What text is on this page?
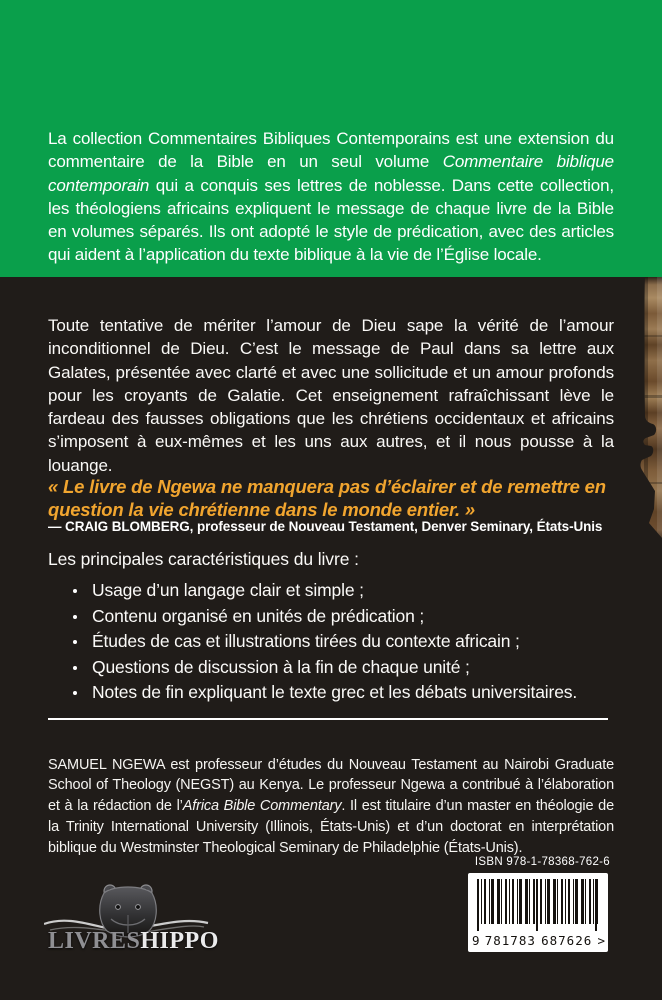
La collection Commentaires Bibliques Contemporains est une extension du commentaire de la Bible en un seul volume Commentaire biblique contemporain qui a conquis ses lettres de noblesse. Dans cette collection, les théologiens africains expliquent le message de chaque livre de la Bible en volumes séparés. Ils ont adopté le style de prédication, avec des articles qui aident à l’application du texte biblique à la vie de l’Église locale.

Toute tentative de mériter l’amour de Dieu sape la vérité de l’amour inconditionnel de Dieu. C’est le message de Paul dans sa lettre aux Galates, présentée avec clarté et avec une sollicitude et un amour profonds pour les croyants de Galatie. Cet enseignement rafraîchissant lève le fardeau des fausses obligations que les chrétiens occidentaux et africains s’imposent à eux-mêmes et les uns aux autres, et il nous pousse à la louange.

« Le livre de Ngewa ne manquera pas d’éclairer et de remettre en question la vie chrétienne dans le monde entier. »

— CRAIG BLOMBERG, professeur de Nouveau Testament, Denver Seminary, États-Unis

Les principales caractéristiques du livre :

Usage d’un langage clair et simple ;
Contenu organisé en unités de prédication ;
Études de cas et illustrations tirées du contexte africain ;
Questions de discussion à la fin de chaque unité ;
Notes de fin expliquant le texte grec et les débats universitaires.

SAMUEL NGEWA est professeur d’études du Nouveau Testament au Nairobi Graduate School of Theology (NEGST) au Kenya. Le professeur Ngewa a contribué à l’élaboration et à la rédaction de l’Africa Bible Commentary. Il est titulaire d’un master en théologie de la Trinity International University (Illinois, États-Unis) et d’un doctorat en interprétation biblique du Westminster Theological Seminary de Philadelphie (États-Unis).

ISBN 978-1-78368-762-6
9 781783 687626 >
LIVRESHIPPO
